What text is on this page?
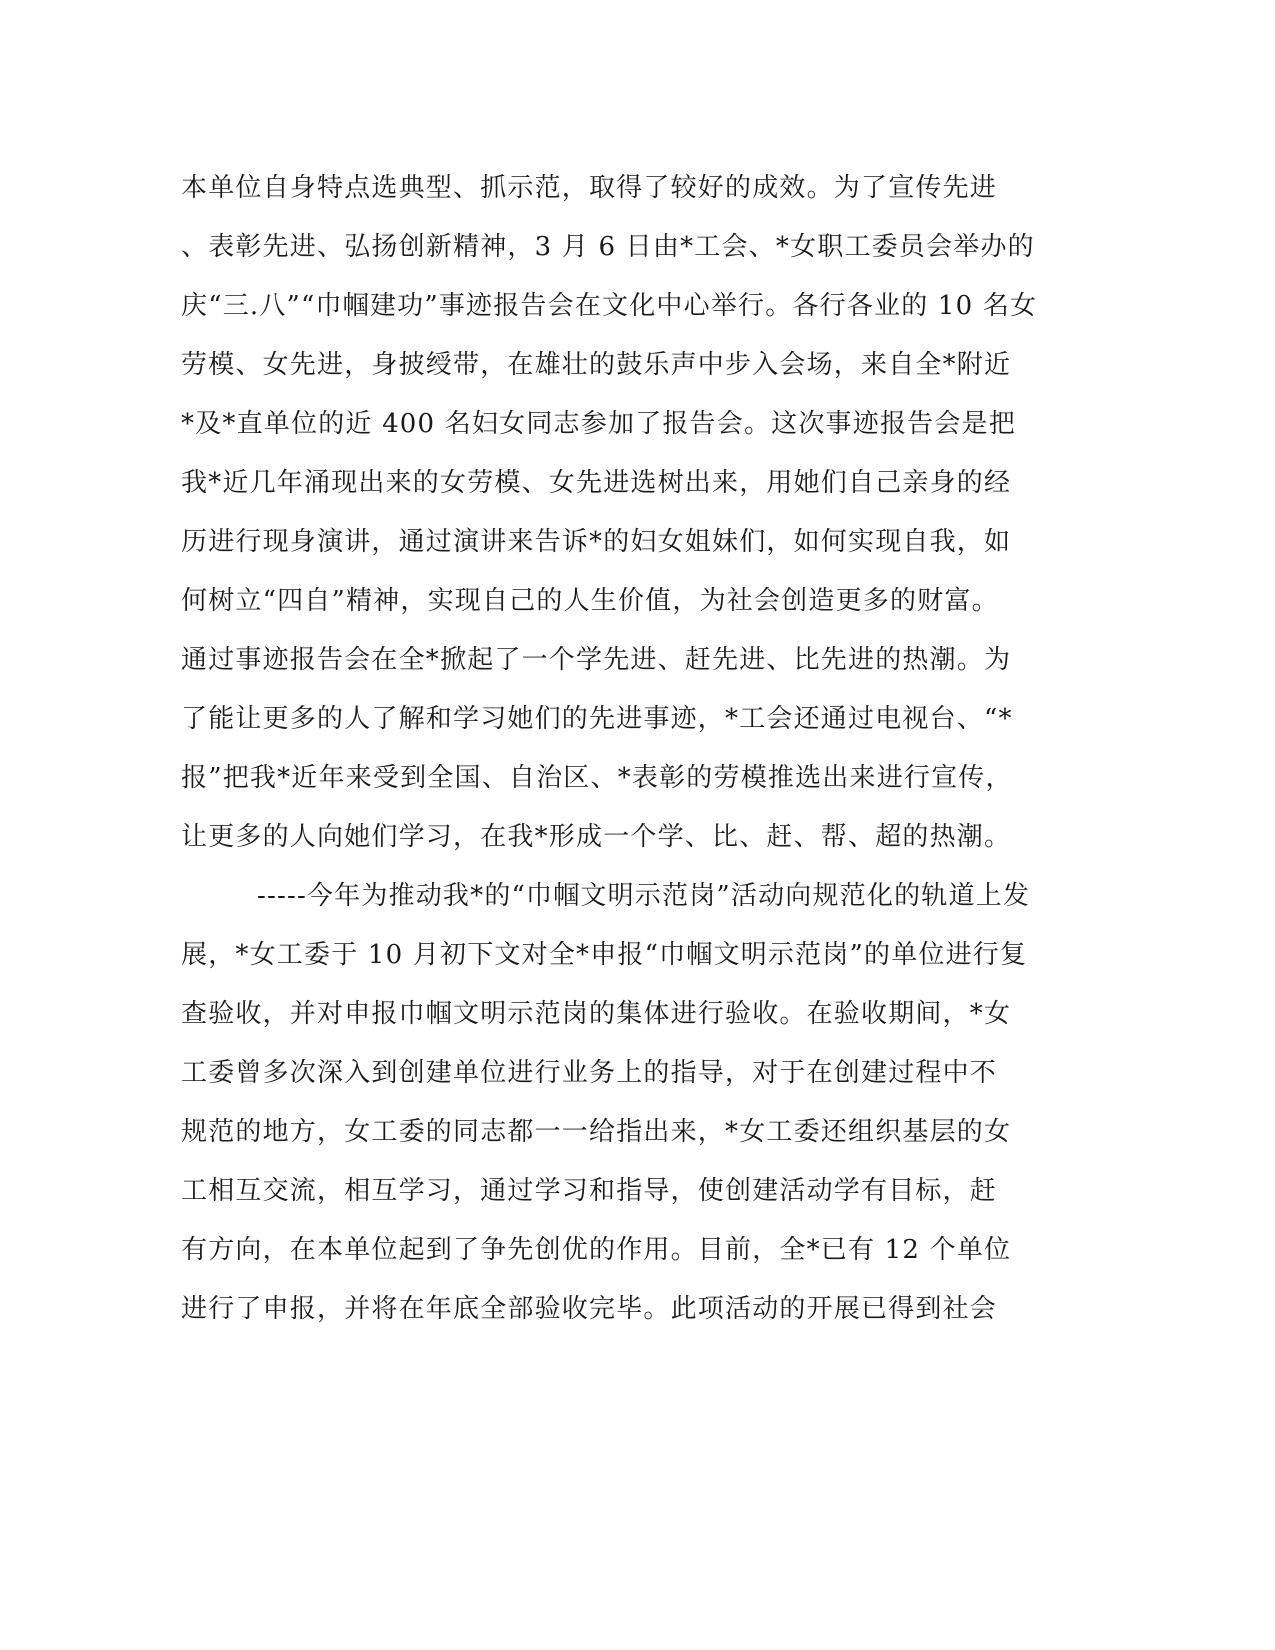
本单位自身特点选典型、抓示范，取得了较好的成效。为了宣传先进
、表彰先进、弘扬创新精神，3 月 6 日由*工会、*女职工委员会举办的
庆“三.八”“巾帼建功”事迹报告会在文化中心举行。各行各业的 10 名女
劳模、女先进，身披绶带，在雄壮的鼓乐声中步入会场，来自全*附近
*及*直单位的近 400 名妇女同志参加了报告会。这次事迹报告会是把
我*近几年涌现出来的女劳模、女先进选树出来，用她们自己亲身的经
历进行现身演讲，通过演讲来告诉*的妇女姐妹们，如何实现自我，如
何树立“四自”精神，实现自己的人生价值，为社会创造更多的财富。
通过事迹报告会在全*掀起了一个学先进、赶先进、比先进的热潮。为
了能让更多的人了解和学习她们的先进事迹，*工会还通过电视台、“*
报”把我*近年来受到全国、自治区、*表彰的劳模推选出来进行宣传，
让更多的人向她们学习，在我*形成一个学、比、赶、帮、超的热潮。
-----今年为推动我*的“巾帼文明示范岗”活动向规范化的轨道上发
展，*女工委于 10 月初下文对全*申报“巾帼文明示范岗”的单位进行复
查验收，并对申报巾帼文明示范岗的集体进行验收。在验收期间，*女
工委曾多次深入到创建单位进行业务上的指导，对于在创建过程中不
规范的地方，女工委的同志都一一给指出来，*女工委还组织基层的女
工相互交流，相互学习，通过学习和指导，使创建活动学有目标，赶
有方向，在本单位起到了争先创优的作用。目前，全*已有 12 个单位
进行了申报，并将在年底全部验收完毕。此项活动的开展已得到社会
